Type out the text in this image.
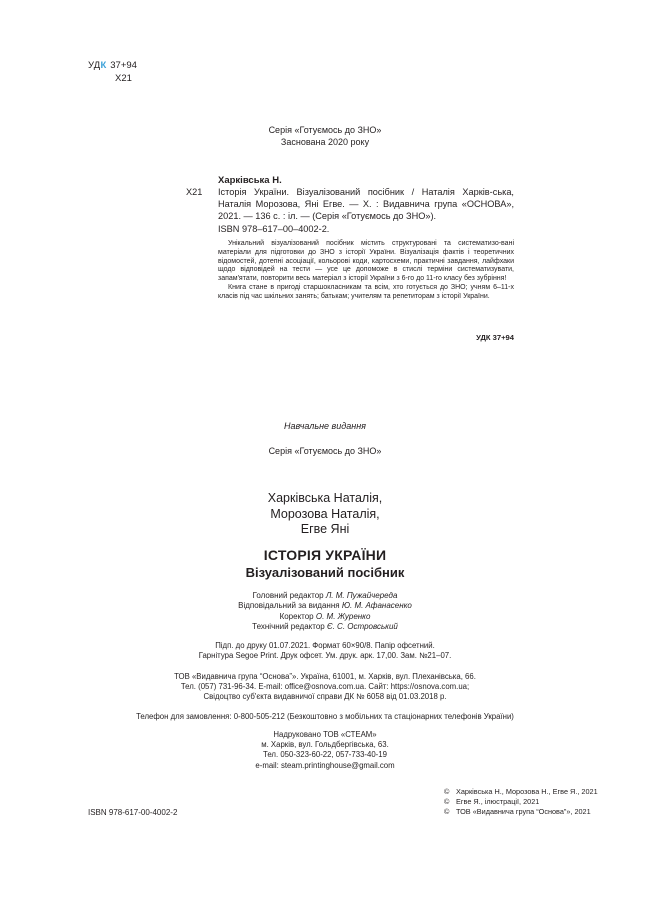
УДК 37+94
Х21
Серія «Готуємось до ЗНО»
Заснована 2020 року
Харківська Н.
Х21 Історія України. Візуалізований посібник / Наталія Харків-ська, Наталія Морозова, Яні Егве. — Х. : Видавнича група «ОСНОВА», 2021. — 136 с. : іл. — (Серія «Готуємось до ЗНО»).
ISBN 978–617–00–4002-2.

Унікальний візуалізований посібник містить структуровані та систематизо-вані матеріали для підготовки до ЗНО з історії України. Візуалізація фактів і теоретичних відомостей, дотепні асоціації, кольорові коди, картосхеми, практичні завдання, лайфхаки щодо відповідей на тести — усе це допоможе в стислі терміни систематизувати, запам'ятати, повторити весь матеріал з історії України з 6-го до 11-го класу без зубріння!

Книга стане в пригоді старшокласникам та всім, хто готується до ЗНО; учням 6–11-х класів під час шкільних занять; батькам; учителям та репетиторам з історії України.

УДК 37+94
Навчальне видання
Серія «Готуємось до ЗНО»
Харківська Наталія,
Морозова Наталія,
Егве Яні
ІСТОРІЯ УКРАЇНИ
Візуалізований посібник
Головний редактор Л. М. Пужайчереда
Відповідальний за видання Ю. М. Афанасенко
Коректор О. М. Журенко
Технічний редактор Є. С. Островський
Підп. до друку 01.07.2021. Формат 60×90/8. Папір офсетний.
Гарнітура Segoe Print. Друк офсет. Ум. друк. арк. 17,00. Зам. №21–07.
ТОВ «Видавнича група “Основа”». Україна, 61001, м. Харків, вул. Плеханівська, 66.
Тел. (057) 731-96-34. E-mail: office@osnova.com.ua. Сайт: https://osnova.com.ua;
Свідоцтво суб'єкта видавничої справи ДК № 6058 від 01.03.2018 р.
Телефон для замовлення: 0-800-505-212 (Безкоштовно з мобільних та стаціонарних телефонів України)
Надруковано ТОВ «СТЕАМ»
м. Харків, вул. Гольдбергівська, 63.
Тел. 050-323-60-22, 057-733-40-19
e-mail: steam.printinghouse@gmail.com
ISBN 978-617-00-4002-2
© Харківська Н., Морозова Н., Егве Я., 2021
© Егве Я., ілюстрації, 2021
© ТОВ «Видавнича група “Основа”», 2021
